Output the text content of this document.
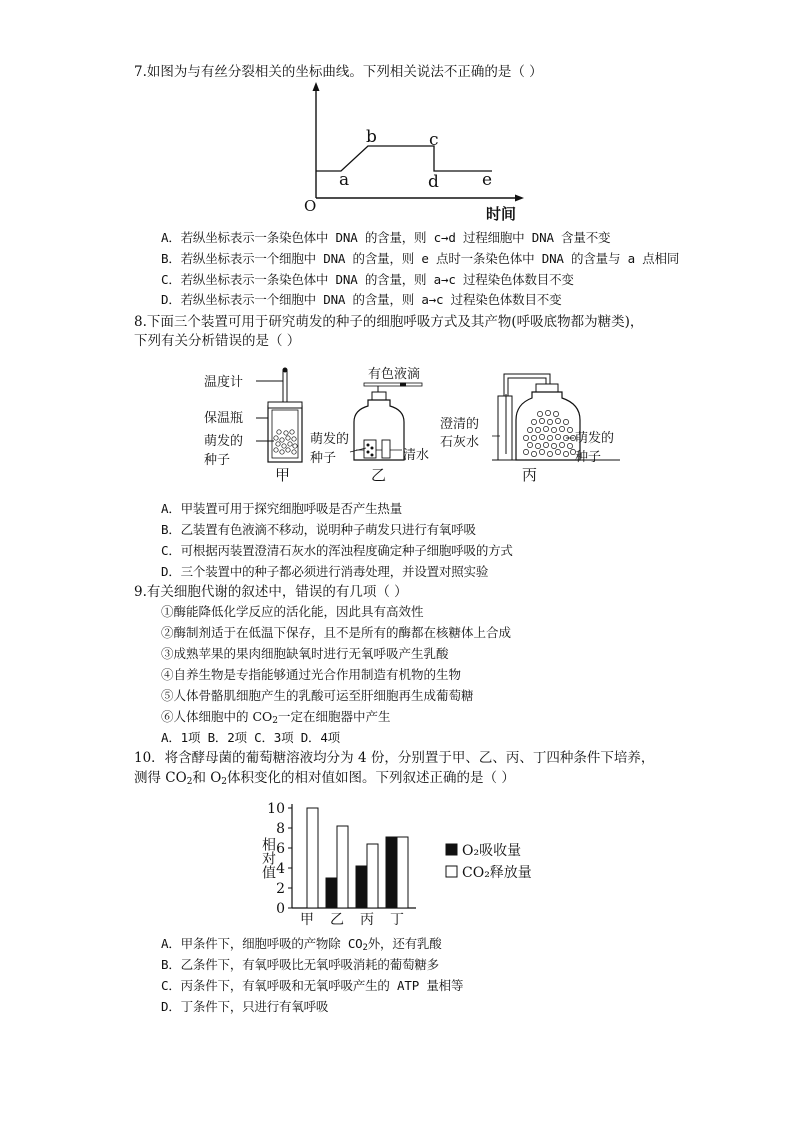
7.如图为与有丝分裂相关的坐标曲线。下列相关说法不正确的是（ ）
O	时间
a
b	c
d	e
A．若纵坐标表示一条染色体中 DNA 的含量，则 c→d 过程细胞中 DNA 含量不变
B．若纵坐标表示一个细胞中 DNA 的含量，则 e 点时一条染色体中 DNA 的含量与 a 点相同
C．若纵坐标表示一条染色体中 DNA 的含量，则 a→c 过程染色体数目不变
D．若纵坐标表示一个细胞中 DNA 的含量，则 a→c 过程染色体数目不变
8.下面三个装置可用于研究萌发的种子的细胞呼吸方式及其产物(呼吸底物都为糖类)，
下列有关分析错误的是（ ）
温度计
保温瓶
萌发的
种子
甲
有色液滴
萌发的
种子	清水
乙
澄清的
石灰水	萌发的
种子
丙
A．甲装置可用于探究细胞呼吸是否产生热量
B．乙装置有色液滴不移动，说明种子萌发只进行有氧呼吸
C．可根据丙装置澄清石灰水的浑浊程度确定种子细胞呼吸的方式
D．三个装置中的种子都必须进行消毒处理，并设置对照实验
9.有关细胞代谢的叙述中，错误的有几项（ ）
①酶能降低化学反应的活化能，因此具有高效性
②酶制剂适于在低温下保存，且不是所有的酶都在核糖体上合成
③成熟苹果的果肉细胞缺氧时进行无氧呼吸产生乳酸
④自养生物是专指能够通过光合作用制造有机物的生物
⑤人体骨骼肌细胞产生的乳酸可运至肝细胞再生成葡萄糖
⑥人体细胞中的 $CO_2$一定在细胞器中产生
A．1项 B．2项 C．3项 D．4项
10．将含酵母菌的葡萄糖溶液均分为 4 份，分别置于甲、乙、丙、丁四种条件下培养，
测得 $CO_2$和 $O_2$体积变化的相对值如图。下列叙述正确的是（ ）
0
2
4
6
8
10
相对值
甲 乙 丙 丁
O₂吸收量
CO₂释放量
A．甲条件下，细胞呼吸的产物除 $CO_2$外，还有乳酸
B．乙条件下，有氧呼吸比无氧呼吸消耗的葡萄糖多
C．丙条件下，有氧呼吸和无氧呼吸产生的 ATP 量相等
D．丁条件下，只进行有氧呼吸
